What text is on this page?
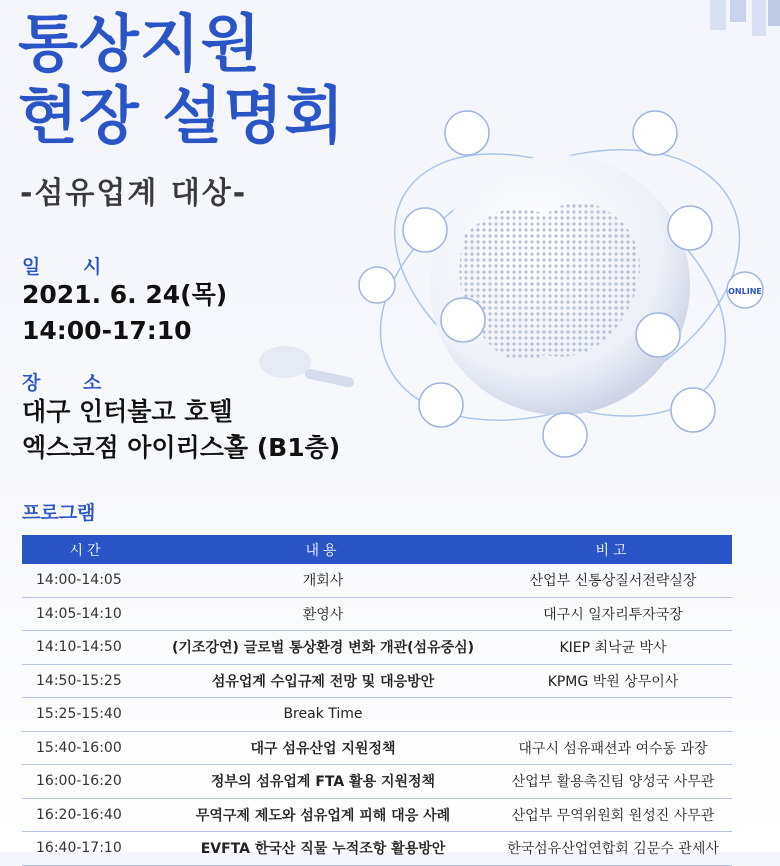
통상지원
현장 설명회
-섬유업계 대상-
일 시
2021. 6. 24(목)
14:00-17:10
장 소
대구 인터불고 호텔
엑스코점 아이리스홀 (B1층)
ONLINE
프로그램
시간	내용	비고
14:00-14:05	개회사	산업부 신통상질서전략실장
14:05-14:10	환영사	대구시 일자리투자국장
14:10-14:50	(기조강연) 글로벌 통상환경 변화 개관(섬유중심)	KIEP 최낙균 박사
14:50-15:25	섬유업계 수입규제 전망 및 대응방안	KPMG 박원 상무이사
15:25-15:40	Break Time	
15:40-16:00	대구 섬유산업 지원정책	대구시 섬유패션과 여수동 과장
16:00-16:20	정부의 섬유업계 FTA 활용 지원정책	산업부 활용촉진팀 양성국 사무관
16:20-16:40	무역구제 제도와 섬유업계 피해 대응 사례	산업부 무역위원회 원성진 사무관
16:40-17:10	EVFTA 한국산 직물 누적조항 활용방안	한국섬유산업연합회 김문수 관세사
